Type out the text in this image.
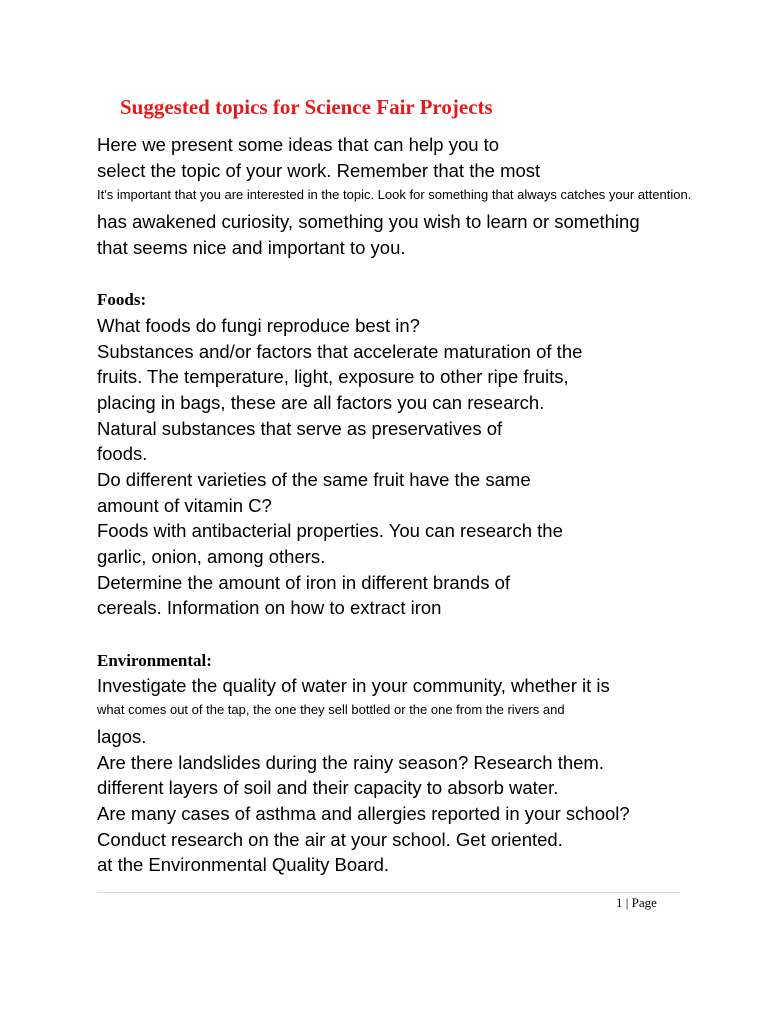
Suggested topics for Science Fair Projects
Here we present some ideas that can help you to
select the topic of your work. Remember that the most
It's important that you are interested in the topic. Look for something that always catches your attention.
has awakened curiosity, something you wish to learn or something
that seems nice and important to you.
Foods:
What foods do fungi reproduce best in?
Substances and/or factors that accelerate maturation of the
fruits. The temperature, light, exposure to other ripe fruits,
placing in bags, these are all factors you can research.
Natural substances that serve as preservatives of
foods.
Do different varieties of the same fruit have the same
amount of vitamin C?
Foods with antibacterial properties. You can research the
garlic, onion, among others.
Determine the amount of iron in different brands of
cereals. Information on how to extract iron
Environmental:
Investigate the quality of water in your community, whether it is
what comes out of the tap, the one they sell bottled or the one from the rivers and
lagos.
Are there landslides during the rainy season? Research them.
different layers of soil and their capacity to absorb water.
Are many cases of asthma and allergies reported in your school?
Conduct research on the air at your school. Get oriented.
at the Environmental Quality Board.
1 | Page
